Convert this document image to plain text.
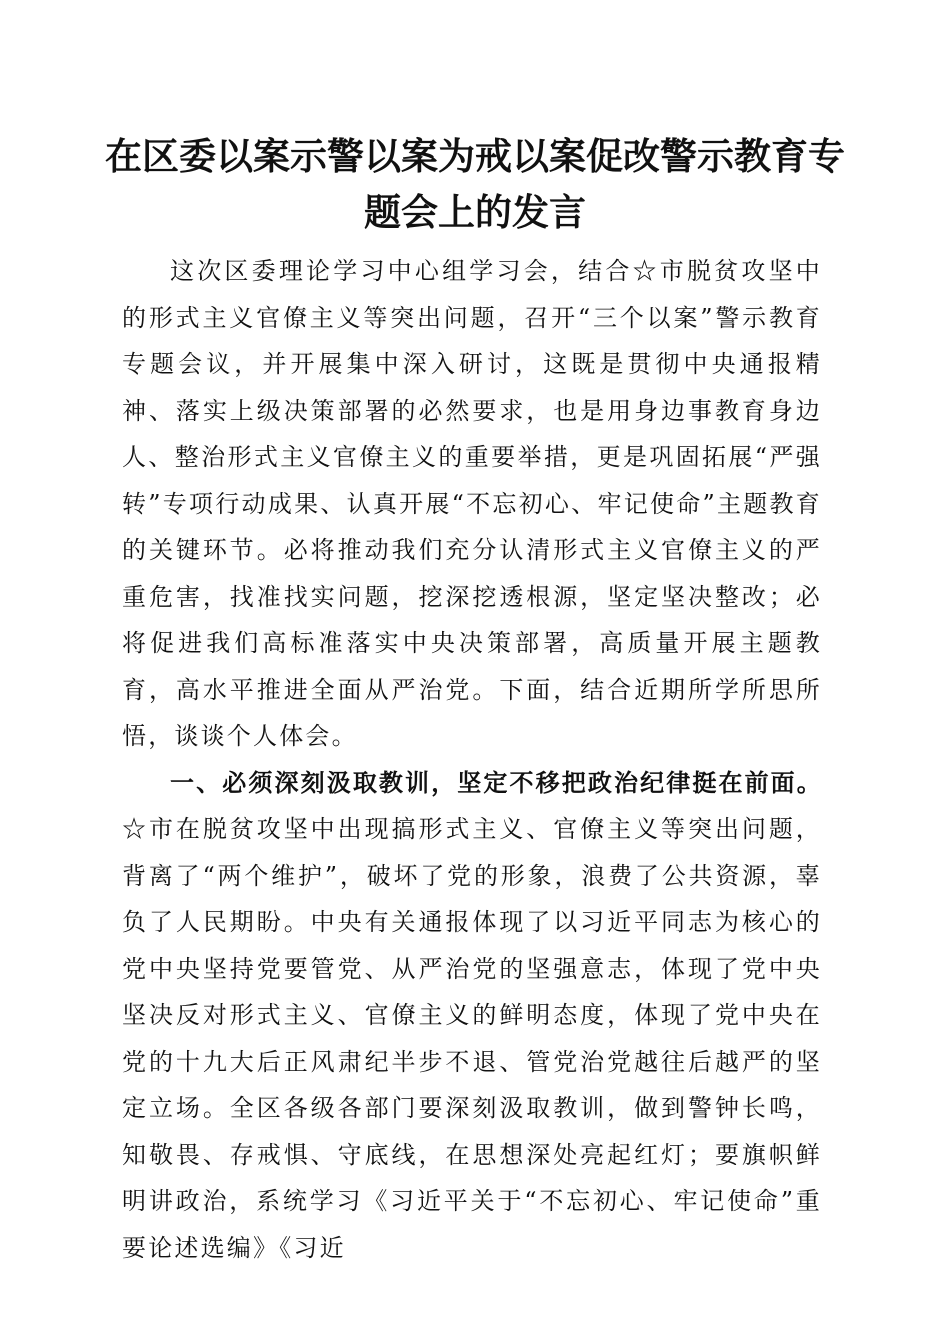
在区委以案示警以案为戒以案促改警示教育专题会上的发言

这次区委理论学习中心组学习会，结合☆市脱贫攻坚中的形式主义官僚主义等突出问题，召开“三个以案”警示教育专题会议，并开展集中深入研讨，这既是贯彻中央通报精神、落实上级决策部署的必然要求，也是用身边事教育身边人、整治形式主义官僚主义的重要举措，更是巩固拓展“严强转”专项行动成果、认真开展“不忘初心、牢记使命”主题教育的关键环节。必将推动我们充分认清形式主义官僚主义的严重危害，找准找实问题，挖深挖透根源，坚定坚决整改；必将促进我们高标准落实中央决策部署，高质量开展主题教育，高水平推进全面从严治党。下面，结合近期所学所思所悟，谈谈个人体会。

一、必须深刻汲取教训，坚定不移把政治纪律挺在前面。☆市在脱贫攻坚中出现搞形式主义、官僚主义等突出问题，背离了“两个维护”，破坏了党的形象，浪费了公共资源，辜负了人民期盼。中央有关通报体现了以习近平同志为核心的党中央坚持党要管党、从严治党的坚强意志，体现了党中央坚决反对形式主义、官僚主义的鲜明态度，体现了党中央在党的十九大后正风肃纪半步不退、管党治党越往后越严的坚定立场。全区各级各部门要深刻汲取教训，做到警钟长鸣，知敬畏、存戒惧、守底线，在思想深处亮起红灯；要旗帜鲜明讲政治，系统学习《习近平关于“不忘初心、牢记使命”重要论述选编》《习近
